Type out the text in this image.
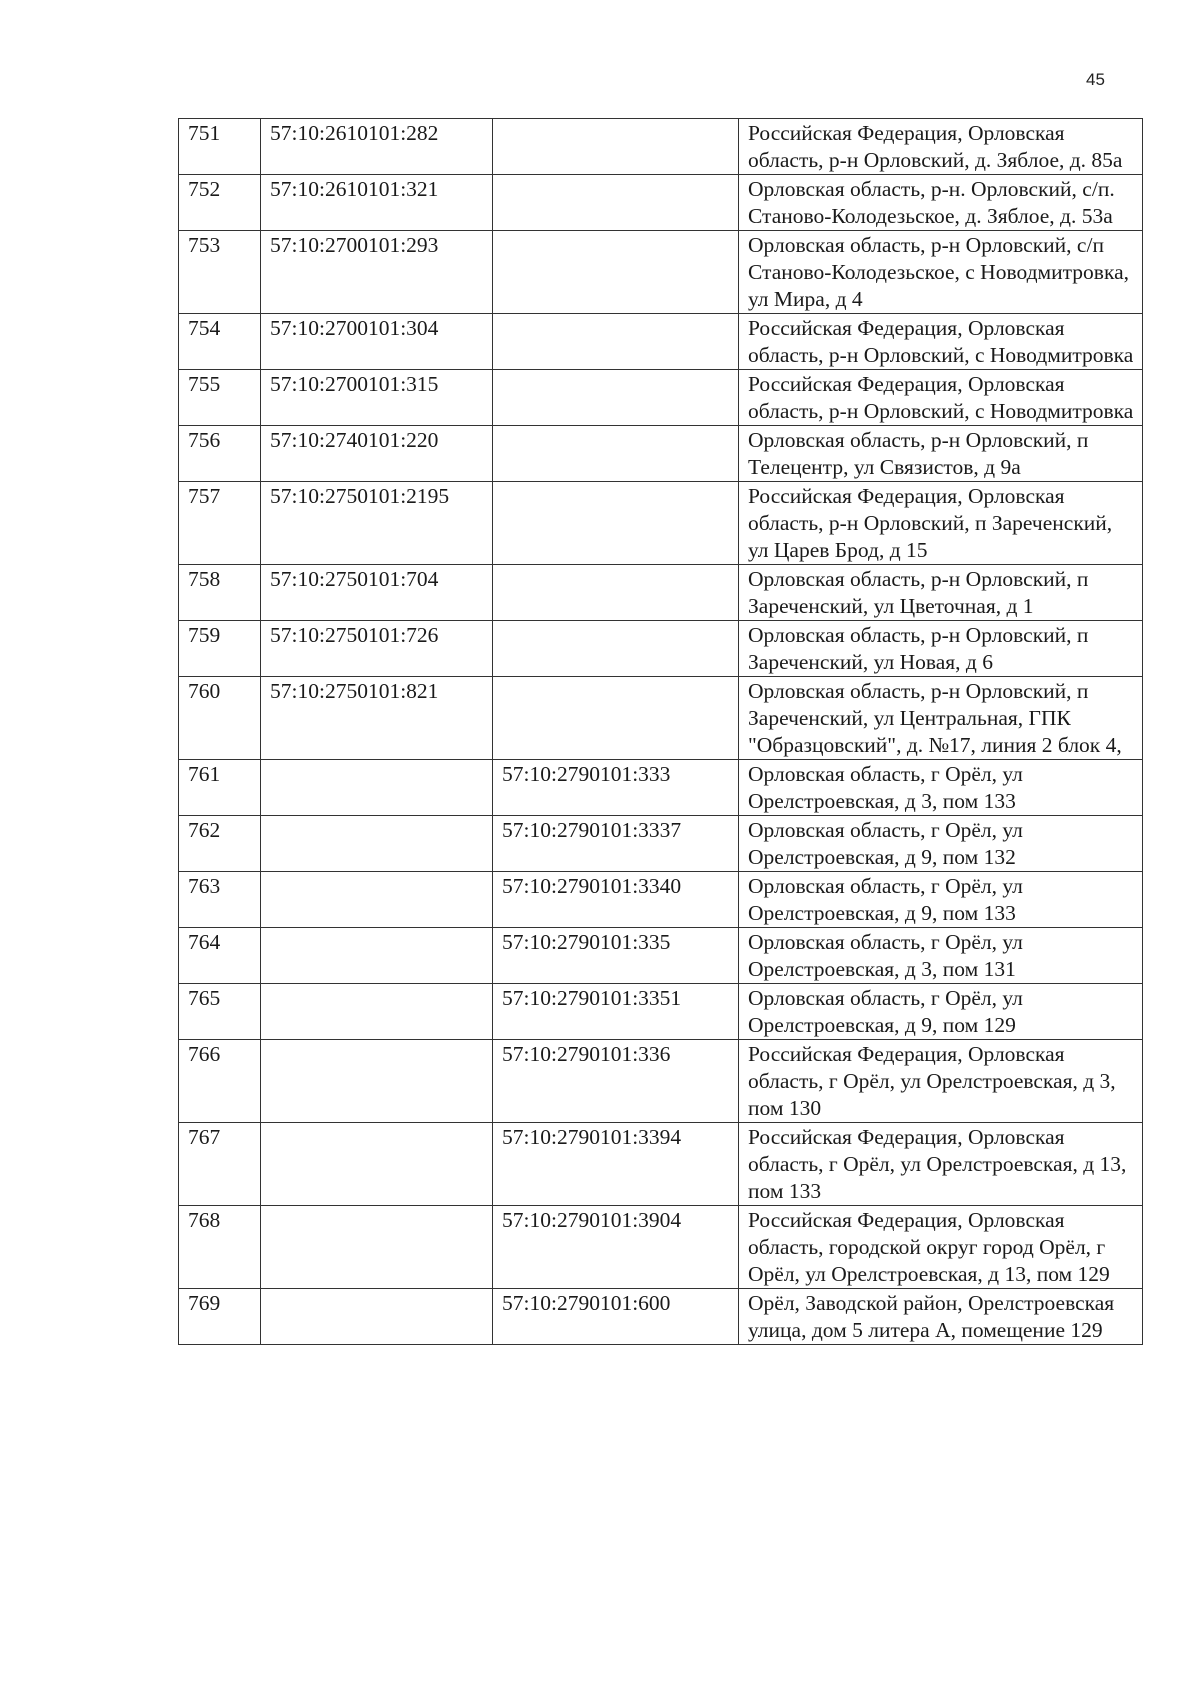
45
751	57:10:2610101:282		Российская Федерация, Орловская область, р-н Орловский, д. Зяблое, д. 85а
752	57:10:2610101:321		Орловская область, р-н. Орловский, с/п. Станово-Колодезьское, д. Зяблое, д. 53а
753	57:10:2700101:293		Орловская область, р-н Орловский, с/п Станово-Колодезьское, с Новодмитровка, ул Мира, д 4
754	57:10:2700101:304		Российская Федерация, Орловская область, р-н Орловский, с Новодмитровка
755	57:10:2700101:315		Российская Федерация, Орловская область, р-н Орловский, с Новодмитровка
756	57:10:2740101:220		Орловская область, р-н Орловский, п Телецентр, ул Связистов, д 9а
757	57:10:2750101:2195		Российская Федерация, Орловская область, р-н Орловский, п Зареченский, ул Царев Брод, д 15
758	57:10:2750101:704		Орловская область, р-н Орловский, п Зареченский, ул Цветочная, д 1
759	57:10:2750101:726		Орловская область, р-н Орловский, п Зареченский, ул Новая, д 6
760	57:10:2750101:821		Орловская область, р-н Орловский, п Зареченский, ул Центральная, ГПК "Образцовский", д. №17, линия 2 блок 4,
761		57:10:2790101:333	Орловская область, г Орёл, ул Орелстроевская, д 3, пом 133
762		57:10:2790101:3337	Орловская область, г Орёл, ул Орелстроевская, д 9, пом 132
763		57:10:2790101:3340	Орловская область, г Орёл, ул Орелстроевская, д 9, пом 133
764		57:10:2790101:335	Орловская область, г Орёл, ул Орелстроевская, д 3, пом 131
765		57:10:2790101:3351	Орловская область, г Орёл, ул Орелстроевская, д 9, пом 129
766		57:10:2790101:336	Российская Федерация, Орловская область, г Орёл, ул Орелстроевская, д 3, пом 130
767		57:10:2790101:3394	Российская Федерация, Орловская область, г Орёл, ул Орелстроевская, д 13, пом 133
768		57:10:2790101:3904	Российская Федерация, Орловская область, городской округ город Орёл, г Орёл, ул Орелстроевская, д 13, пом 129
769		57:10:2790101:600	Орёл, Заводской район, Орелстроевская улица, дом 5 литера А, помещение 129
